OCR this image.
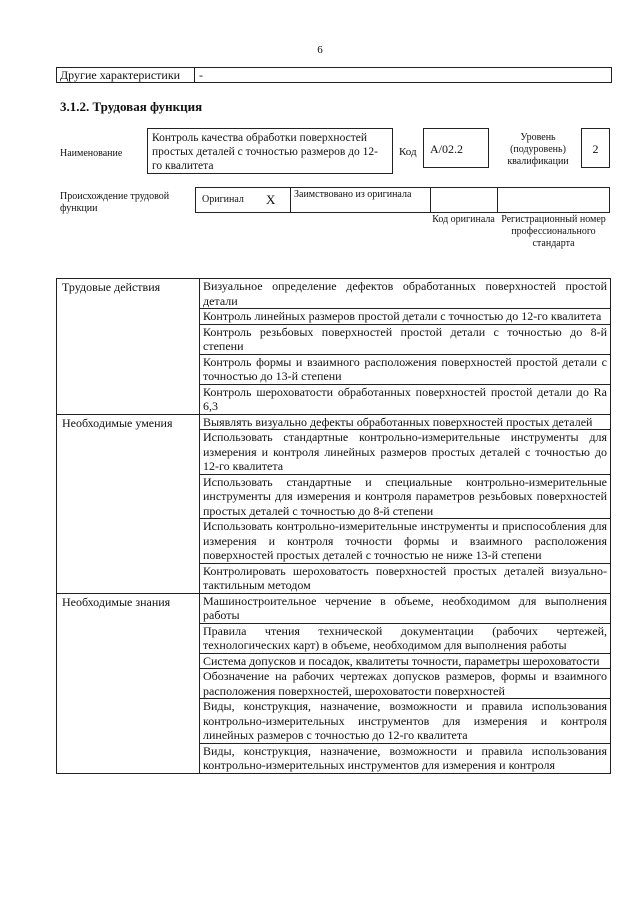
6
Другие характеристики	-
3.1.2. Трудовая функция
Наименование
Контроль качества обработки поверхностей простых деталей с точностью размеров до 12-го квалитета
Код	A/02.2
Уровень (подуровень) квалификации
2
Происхождение трудовой функции
Оригинал X	Заимствовано из оригинала
Код оригинала Регистрационный номер профессионального стандарта
Трудовые действия	Визуальное определение дефектов обработанных поверхностей простой детали
	Контроль линейных размеров простой детали с точностью до 12-го квалитета
	Контроль резьбовых поверхностей простой детали с точностью до 8-й степени
	Контроль формы и взаимного расположения поверхностей простой детали с точностью до 13-й степени
	Контроль шероховатости обработанных поверхностей простой детали до Ra 6,3
Необходимые умения	Выявлять визуально дефекты обработанных поверхностей простых деталей
	Использовать стандартные контрольно-измерительные инструменты для измерения и контроля линейных размеров простых деталей с точностью до 12-го квалитета
	Использовать стандартные и специальные контрольно-измерительные инструменты для измерения и контроля параметров резьбовых поверхностей простых деталей с точностью до 8-й степени
	Использовать контрольно-измерительные инструменты и приспособления для измерения и контроля точности формы и взаимного расположения поверхностей простых деталей с точностью не ниже 13-й степени
	Контролировать шероховатость поверхностей простых деталей визуально-тактильным методом
Необходимые знания	Машиностроительное черчение в объеме, необходимом для выполнения работы
	Правила чтения технической документации (рабочих чертежей, технологических карт) в объеме, необходимом для выполнения работы
	Система допусков и посадок, квалитеты точности, параметры шероховатости
	Обозначение на рабочих чертежах допусков размеров, формы и взаимного расположения поверхностей, шероховатости поверхностей
	Виды, конструкция, назначение, возможности и правила использования контрольно-измерительных инструментов для измерения и контроля линейных размеров с точностью до 12-го квалитета
	Виды, конструкция, назначение, возможности и правила использования контрольно-измерительных инструментов для измерения и контроля
